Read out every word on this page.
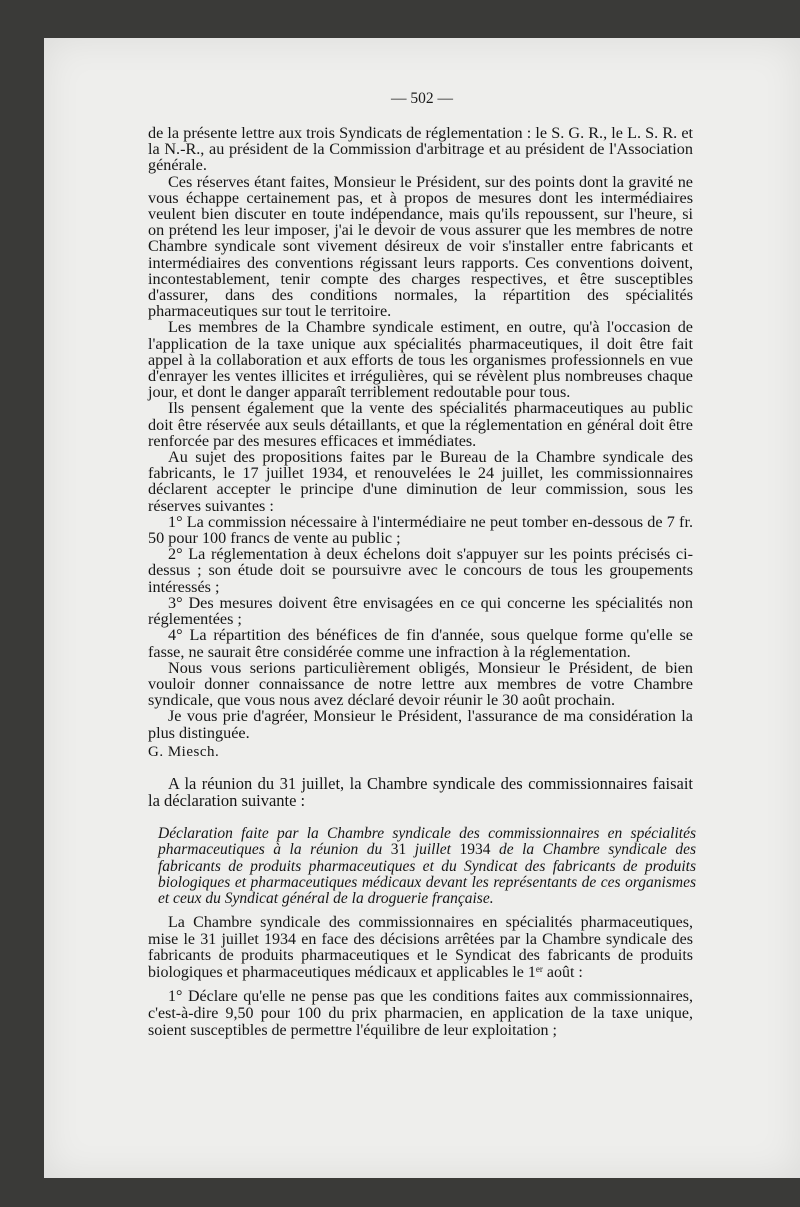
— 502 —

de la présente lettre aux trois Syndicats de réglementation : le S. G. R., le L. S. R. et la N.-R., au président de la Commission d'arbitrage et au président de l'Association générale.

Ces réserves étant faites, Monsieur le Président, sur des points dont la gravité ne vous échappe certainement pas, et à propos de mesures dont les intermédiaires veulent bien discuter en toute indépendance, mais qu'ils repoussent, sur l'heure, si on prétend les leur imposer, j'ai le devoir de vous assurer que les membres de notre Chambre syndicale sont vivement désireux de voir s'installer entre fabricants et intermédiaires des conventions régissant leurs rapports. Ces conventions doivent, incontestablement, tenir compte des charges respectives, et être susceptibles d'assurer, dans des conditions normales, la répartition des spécialités pharmaceutiques sur tout le territoire.

Les membres de la Chambre syndicale estiment, en outre, qu'à l'occasion de l'application de la taxe unique aux spécialités pharmaceutiques, il doit être fait appel à la collaboration et aux efforts de tous les organismes professionnels en vue d'enrayer les ventes illicites et irrégulières, qui se révèlent plus nombreuses chaque jour, et dont le danger apparaît terriblement redoutable pour tous.

Ils pensent également que la vente des spécialités pharmaceutiques au public doit être réservée aux seuls détaillants, et que la réglementation en général doit être renforcée par des mesures efficaces et immédiates.

Au sujet des propositions faites par le Bureau de la Chambre syndicale des fabricants, le 17 juillet 1934, et renouvelées le 24 juillet, les commissionnaires déclarent accepter le principe d'une diminution de leur commission, sous les réserves suivantes :

1° La commission nécessaire à l'intermédiaire ne peut tomber en-dessous de 7 fr. 50 pour 100 francs de vente au public ;

2° La réglementation à deux échelons doit s'appuyer sur les points précisés ci-dessus ; son étude doit se poursuivre avec le concours de tous les groupements intéressés ;

3° Des mesures doivent être envisagées en ce qui concerne les spécialités non réglementées ;

4° La répartition des bénéfices de fin d'année, sous quelque forme qu'elle se fasse, ne saurait être considérée comme une infraction à la réglementation.

Nous vous serions particulièrement obligés, Monsieur le Président, de bien vouloir donner connaissance de notre lettre aux membres de votre Chambre syndicale, que vous nous avez déclaré devoir réunir le 30 août prochain.

Je vous prie d'agréer, Monsieur le Président, l'assurance de ma considération la plus distinguée.

G. Miesch.

A la réunion du 31 juillet, la Chambre syndicale des commissionnaires faisait la déclaration suivante :

Déclaration faite par la Chambre syndicale des commissionnaires en spécialités pharmaceutiques à la réunion du 31 juillet 1934 de la Chambre syndicale des fabricants de produits pharmaceutiques et du Syndicat des fabricants de produits biologiques et pharmaceutiques médicaux devant les représentants de ces organismes et ceux du Syndicat général de la droguerie française.

La Chambre syndicale des commissionnaires en spécialités pharmaceutiques, mise le 31 juillet 1934 en face des décisions arrêtées par la Chambre syndicale des fabricants de produits pharmaceutiques et le Syndicat des fabricants de produits biologiques et pharmaceutiques médicaux et applicables le 1er août :

1° Déclare qu'elle ne pense pas que les conditions faites aux commissionnaires, c'est-à-dire 9,50 pour 100 du prix pharmacien, en application de la taxe unique, soient susceptibles de permettre l'équilibre de leur exploitation ;
